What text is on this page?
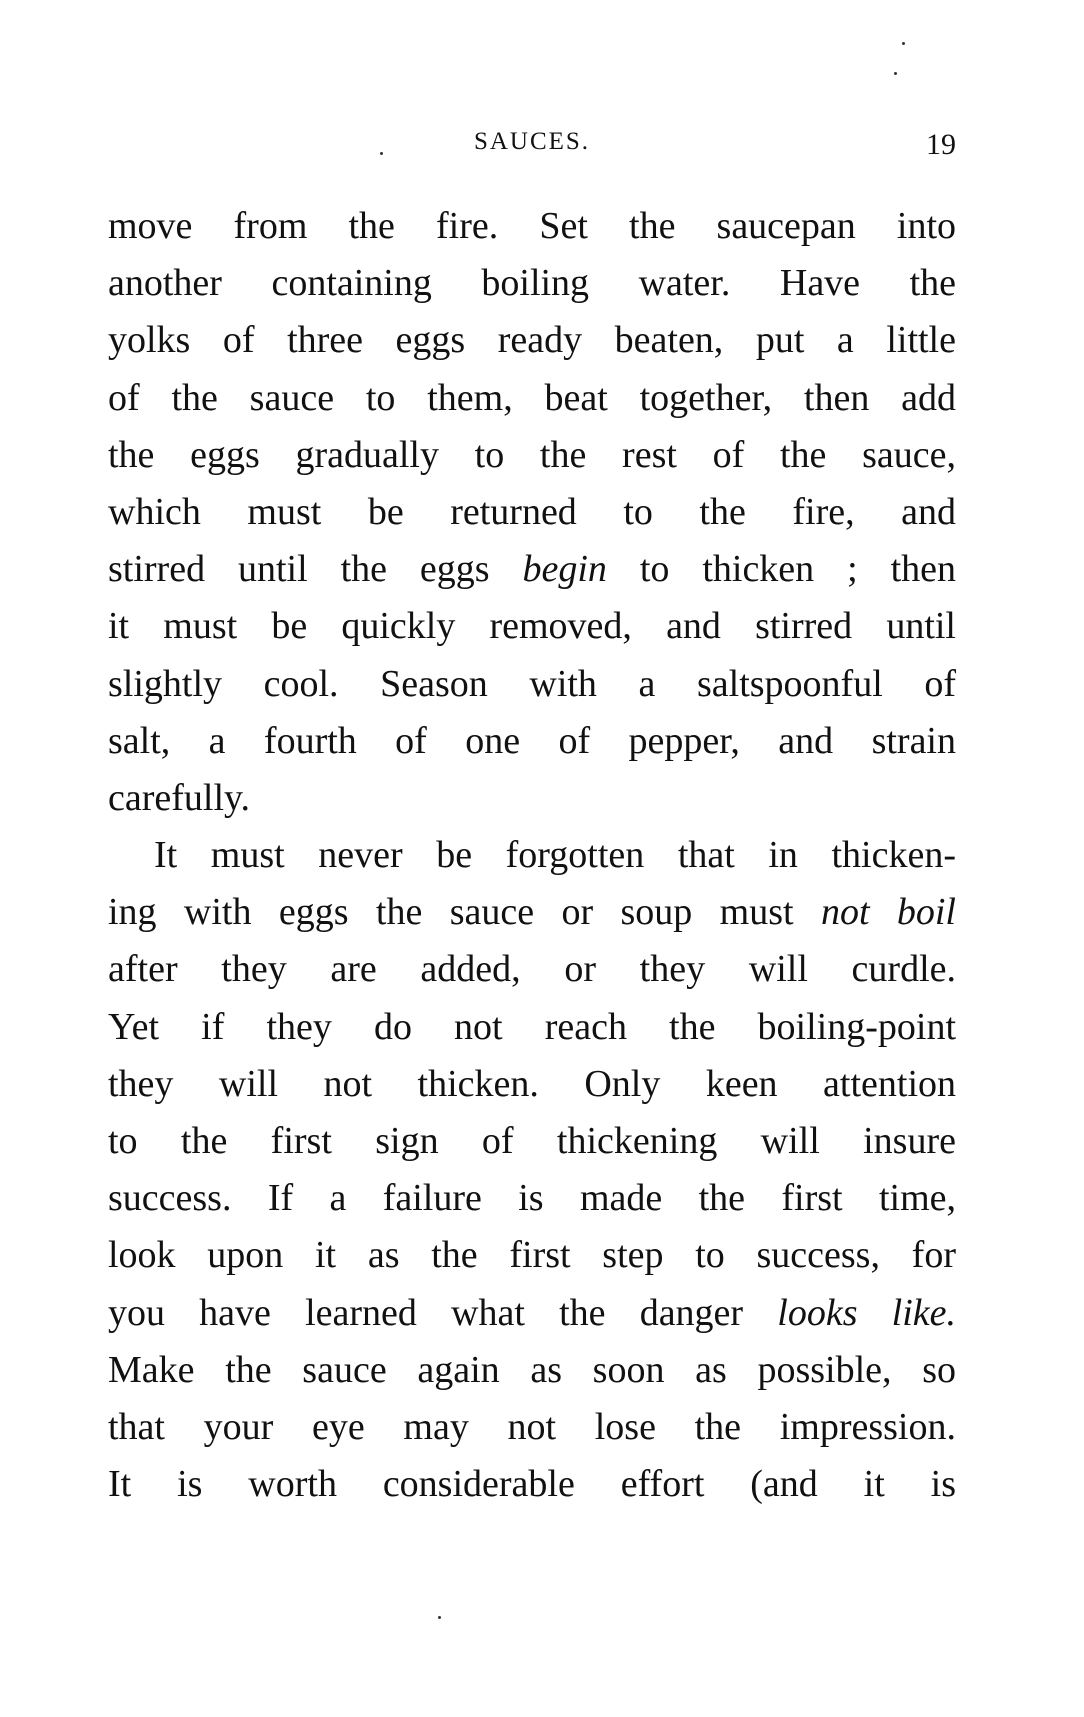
SAUCES.	19
move from the fire. Set the saucepan into
another containing boiling water. Have the
yolks of three eggs ready beaten, put a little
of the sauce to them, beat together, then add
the eggs gradually to the rest of the sauce,
which must be returned to the fire, and
stirred until the eggs begin to thicken ; then
it must be quickly removed, and stirred until
slightly cool. Season with a saltspoonful of
salt, a fourth of one of pepper, and strain
carefully.
It must never be forgotten that in thicken-
ing with eggs the sauce or soup must not boil
after they are added, or they will curdle.
Yet if they do not reach the boiling-point
they will not thicken. Only keen attention
to the first sign of thickening will insure
success. If a failure is made the first time,
look upon it as the first step to success, for
you have learned what the danger looks like.
Make the sauce again as soon as possible, so
that your eye may not lose the impression.
It is worth considerable effort (and it is
